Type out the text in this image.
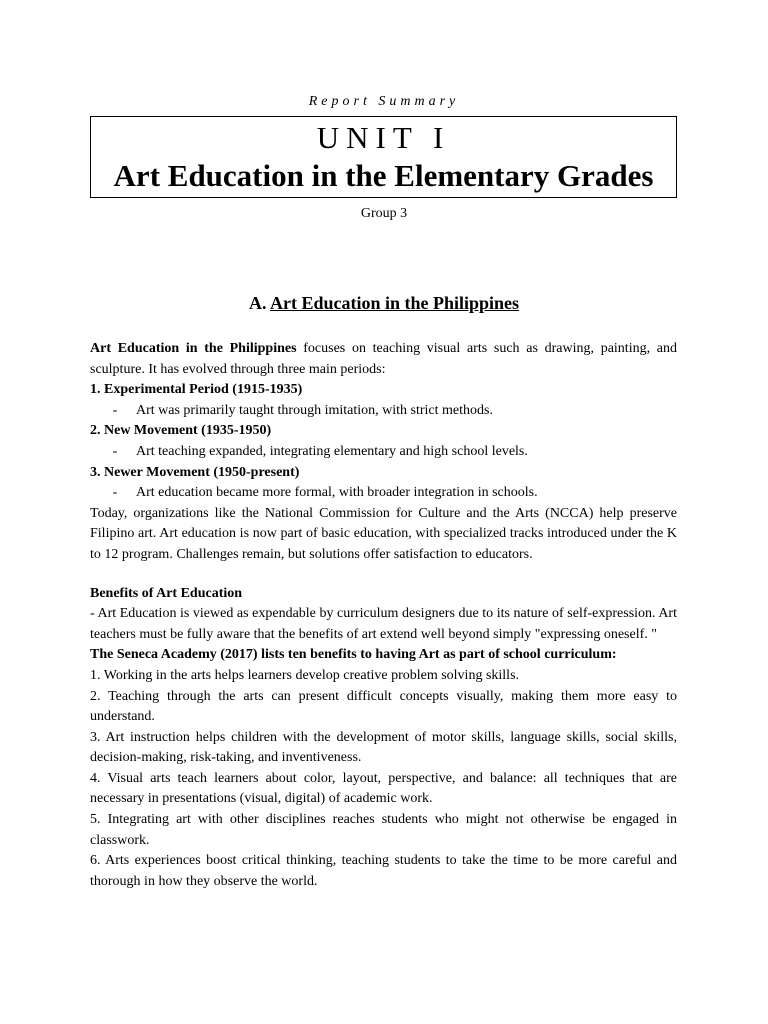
Report Summary
UNIT I
Art Education in the Elementary Grades
Group 3
A. Art Education in the Philippines

Art Education in the Philippines focuses on teaching visual arts such as drawing, painting, and sculpture. It has evolved through three main periods:

1. Experimental Period (1915-1935)
-	Art was primarily taught through imitation, with strict methods.
2. New Movement (1935-1950)
-	Art teaching expanded, integrating elementary and high school levels.
3. Newer Movement (1950-present)
-	Art education became more formal, with broader integration in schools.

Today, organizations like the National Commission for Culture and the Arts (NCCA) help preserve Filipino art. Art education is now part of basic education, with specialized tracks introduced under the K to 12 program. Challenges remain, but solutions offer satisfaction to educators.

Benefits of Art Education

- Art Education is viewed as expendable by curriculum designers due to its nature of self-expression. Art teachers must be fully aware that the benefits of art extend well beyond simply "expressing oneself. "

The Seneca Academy (2017) lists ten benefits to having Art as part of school curriculum:

1. Working in the arts helps learners develop creative problem solving skills.

2. Teaching through the arts can present difficult concepts visually, making them more easy to understand.

3. Art instruction helps children with the development of motor skills, language skills, social skills, decision-making, risk-taking, and inventiveness.

4. Visual arts teach learners about color, layout, perspective, and balance: all techniques that are necessary in presentations (visual, digital) of academic work.

5. Integrating art with other disciplines reaches students who might not otherwise be engaged in classwork.

6. Arts experiences boost critical thinking, teaching students to take the time to be more careful and thorough in how they observe the world.
